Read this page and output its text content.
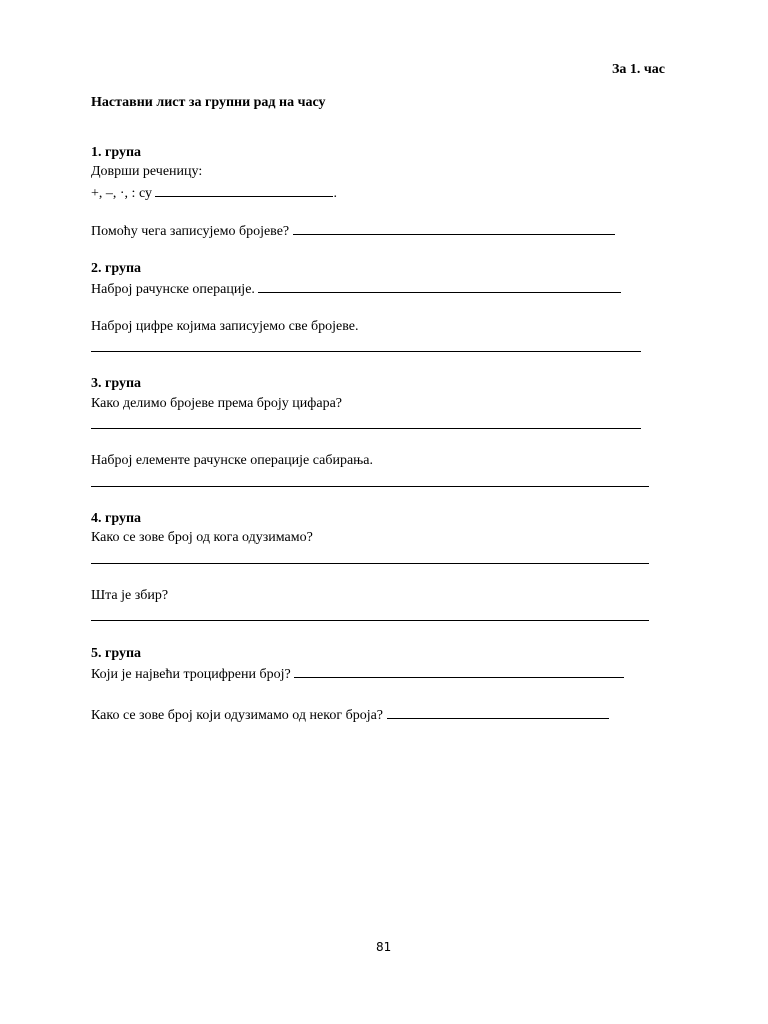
За 1. час
Наставни лист за групни рад на часу
1. група
Доврши реченицу:
+, –, ·, : су	.
Помоћу чега записујемо бројеве?
2. група
Наброј рачунске операције.
Наброј цифре којима записујемо све бројеве.
3. група
Како делимо бројеве према броју цифара?
Наброј елементе рачунске операције сабирања.
4. група
Како се зове број од кога одузимамо?
Шта је збир?
5. група
Који је највећи троцифрени број?
Како се зове број који одузимамо од неког броја?
81
